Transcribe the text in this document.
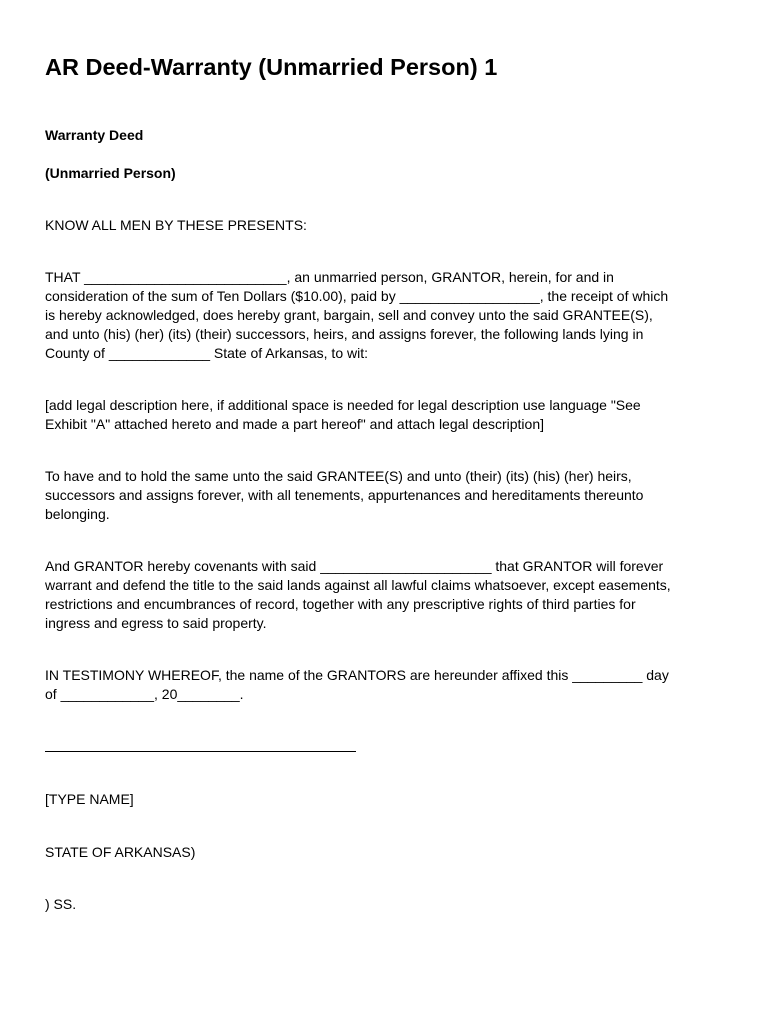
AR Deed-Warranty (Unmarried Person) 1

Warranty Deed

(Unmarried Person)

KNOW ALL MEN BY THESE PRESENTS:

THAT __________________________, an unmarried person, GRANTOR, herein, for and in

consideration of the sum of Ten Dollars ($10.00), paid by __________________, the receipt of which

is hereby acknowledged, does hereby grant, bargain, sell and convey unto the said GRANTEE(S),

and unto (his) (her) (its) (their) successors, heirs, and assigns forever, the following lands lying in

County of _____________ State of Arkansas, to wit:

[add legal description here, if additional space is needed for legal description use language "See

Exhibit "A" attached hereto and made a part hereof" and attach legal description]

To have and to hold the same unto the said GRANTEE(S) and unto (their) (its) (his) (her) heirs,

successors and assigns forever, with all tenements, appurtenances and hereditaments thereunto

belonging.

And GRANTOR hereby covenants with said ______________________ that GRANTOR will forever

warrant and defend the title to the said lands against all lawful claims whatsoever, except easements,

restrictions and encumbrances of record, together with any prescriptive rights of third parties for

ingress and egress to said property.

IN TESTIMONY WHEREOF, the name of the GRANTORS are hereunder affixed this _________ day

of ____________, 20________.

[TYPE NAME]

STATE OF ARKANSAS)

) SS.
